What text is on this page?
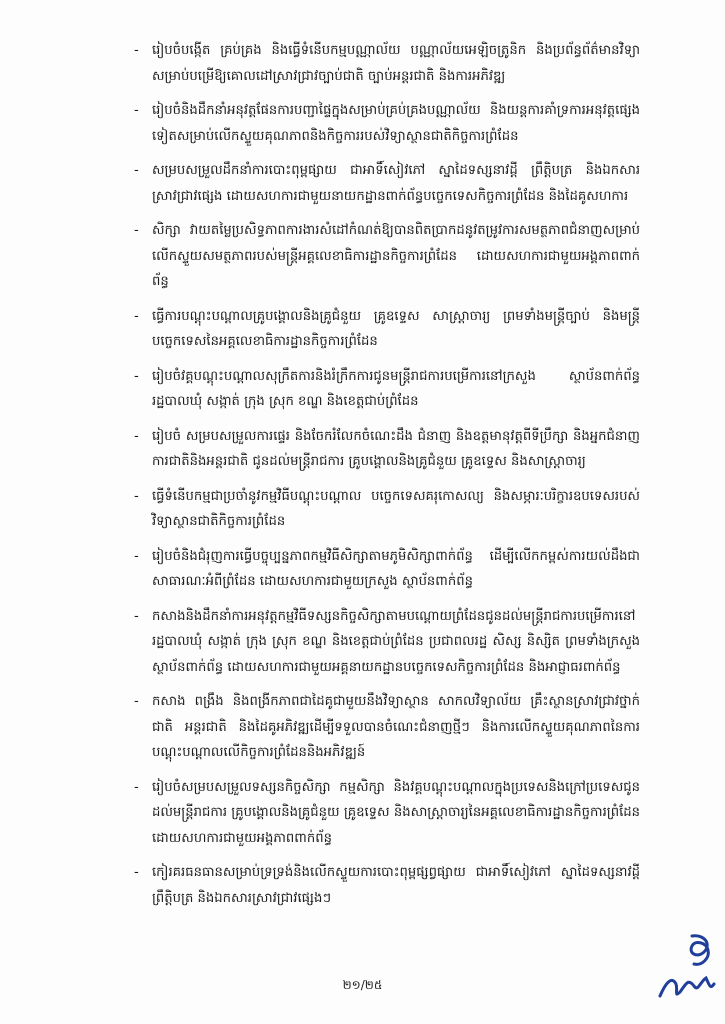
- រៀបចំបង្កើត គ្រប់គ្រង និងធ្វើទំនើបកម្មបណ្ណាល័យ បណ្ណាល័យអេឡិចត្រូនិក និងប្រព័ន្ធព័ត៌មានវិទ្យា សម្រាប់បម្រើឱ្យគោលដៅស្រាវជ្រាវច្បាប់ជាតិ ច្បាប់អន្តរជាតិ និងការអភិវឌ្ឍ
- រៀបចំនិងដឹកនាំអនុវត្តផែនការបញ្ជាផ្ទៃក្នុងសម្រាប់គ្រប់គ្រងបណ្ណាល័យ និងយន្តការគាំទ្រការអនុវត្តផ្សេងទៀតសម្រាប់លើកស្ទួយគុណភាពនិងកិច្ចការរបស់វិទ្យាស្ថានជាតិកិច្ចការព្រំដែន
- សម្របសម្រួលដឹកនាំការបោះពុម្ពផ្សាយ ជាអាទិ៍សៀវភៅ ស្នាដៃទស្សនាវដ្តី ព្រឹត្តិបត្រ និងឯកសារស្រាវជ្រាវផ្សេង ដោយសហការជាមួយនាយកដ្ឋានពាក់ព័ន្ធបច្ចេកទេសកិច្ចការព្រំដែន និងដៃគូសហការ
- សិក្សា វាយតម្លៃប្រសិទ្ធភាពការងារសំដៅកំណត់ឱ្យបានពិតប្រាកដនូវតម្រូវការសមត្ថភាពជំនាញសម្រាប់លើកស្ទួយសមត្ថភាពរបស់មន្ត្រីអគ្គលេខាធិការដ្ឋានកិច្ចការព្រំដែន ដោយសហការជាមួយអង្គភាពពាក់ព័ន្ធ
- ធ្វើការបណ្តុះបណ្តាលគ្រូបង្គោលនិងគ្រូជំនួយ គ្រូឧទ្ទេស សាស្ត្រាចារ្យ ព្រមទាំងមន្ត្រីច្បាប់ និងមន្ត្រីបច្ចេកទេសនៃអគ្គលេខាធិការដ្ឋានកិច្ចការព្រំដែន
- រៀបចំវគ្គបណ្តុះបណ្តាលសុក្រឹតការនិងរំក្រឹកការជូនមន្ត្រីរាជការបម្រើការនៅក្រសួង ស្ថាប័នពាក់ព័ន្ធ រដ្ឋបាលឃុំ សង្កាត់ ក្រុង ស្រុក ខណ្ឌ និងខេត្តជាប់ព្រំដែន
- រៀបចំ សម្របសម្រួលការផ្ទេរ និងចែករំលែកចំណេះដឹង ជំនាញ និងឧត្តមានុវត្តពីទីប្រឹក្សា និងអ្នកជំនាញការជាតិនិងអន្តរជាតិ ជូនដល់មន្ត្រីរាជការ គ្រូបង្គោលនិងគ្រូជំនួយ គ្រូឧទ្ទេស និងសាស្ត្រាចារ្យ
- ធ្វើទំនើបកម្មជាប្រចាំនូវកម្មវិធីបណ្តុះបណ្តាល បច្ចេកទេសគរុកោសល្យ និងសម្ភារៈបរិក្ខារឧបទេសរបស់វិទ្យាស្ថានជាតិកិច្ចការព្រំដែន
- រៀបចំនិងជំរុញការធ្វើបច្ចុប្បន្នភាពកម្មវិធីសិក្សាតាមភូមិសិក្សាពាក់ព័ន្ធ ដើម្បីលើកកម្ពស់ការយល់ដឹងជាសាធារណៈអំពីព្រំដែន ដោយសហការជាមួយក្រសួង ស្ថាប័នពាក់ព័ន្ធ
- កសាងនិងដឹកនាំការអនុវត្តកម្មវិធីទស្សនកិច្ចសិក្សាតាមបណ្តោយព្រំដែនជូនដល់មន្ត្រីរាជការបម្រើការនៅរដ្ឋបាលឃុំ សង្កាត់ ក្រុង ស្រុក ខណ្ឌ និងខេត្តជាប់ព្រំដែន ប្រជាពលរដ្ឋ សិស្ស និស្សិត ព្រមទាំងក្រសួង ស្ថាប័នពាក់ព័ន្ធ ដោយសហការជាមួយអគ្គនាយកដ្ឋានបច្ចេកទេសកិច្ចការព្រំដែន និងអាជ្ញាធរពាក់ព័ន្ធ
- កសាង ពង្រឹង និងពង្រីកភាពជាដៃគូជាមួយនឹងវិទ្យាស្ថាន សាកលវិទ្យាល័យ គ្រឹះស្ថានស្រាវជ្រាវថ្នាក់ជាតិ អន្តរជាតិ និងដៃគូអភិវឌ្ឍដើម្បីទទួលបានចំណេះជំនាញថ្មីៗ និងការលើកស្ទួយគុណភាពនៃការបណ្តុះបណ្តាលលើកិច្ចការព្រំដែននិងអភិវឌ្ឍន៍
- រៀបចំសម្របសម្រួលទស្សនកិច្ចសិក្សា កម្មសិក្សា និងវគ្គបណ្តុះបណ្តាលក្នុងប្រទេសនិងក្រៅប្រទេសជូនដល់មន្ត្រីរាជការ គ្រូបង្គោលនិងគ្រូជំនួយ គ្រូឧទ្ទេស និងសាស្ត្រាចារ្យនៃអគ្គលេខាធិការដ្ឋានកិច្ចការព្រំដែន ដោយសហការជាមួយអង្គភាពពាក់ព័ន្ធ
- កៀរគរធនធានសម្រាប់ទ្រទ្រង់និងលើកស្ទួយការបោះពុម្ពផ្សព្វផ្សាយ ជាអាទិ៍សៀវភៅ ស្នាដៃទស្សនាវដ្តី ព្រឹត្តិបត្រ និងឯកសារស្រាវជ្រាវផ្សេងៗ
២១/២៥
